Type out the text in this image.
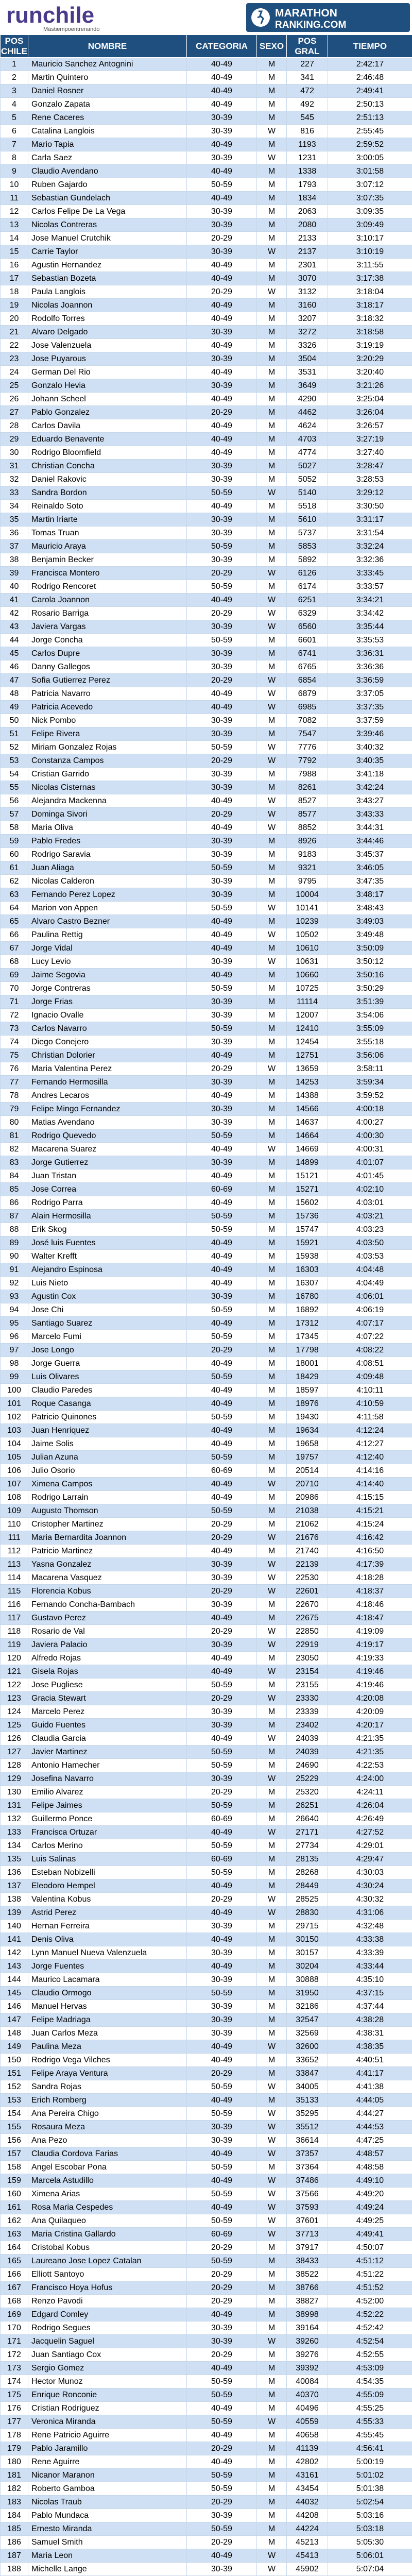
runchile
Mástiempoentrenando
MARATHON
RANKING.COM
POS CHILE	NOMBRE	CATEGORIA	SEXO	POS GRAL	TIEMPO
1	Mauricio Sanchez Antognini	40-49	M	227	2:42:17
2	Martin Quintero	40-49	M	341	2:46:48
3	Daniel Rosner	40-49	M	472	2:49:41
4	Gonzalo Zapata	40-49	M	492	2:50:13
5	Rene Caceres	30-39	M	545	2:51:13
6	Catalina Langlois	30-39	W	816	2:55:45
7	Mario Tapia	40-49	M	1193	2:59:52
8	Carla Saez	30-39	W	1231	3:00:05
9	Claudio Avendano	40-49	M	1338	3:01:58
10	Ruben Gajardo	50-59	M	1793	3:07:12
11	Sebastian Gundelach	40-49	M	1834	3:07:35
12	Carlos Felipe De La Vega	30-39	M	2063	3:09:35
13	Nicolas Contreras	30-39	M	2080	3:09:49
14	Jose Manuel Crutchik	20-29	M	2133	3:10:17
15	Carrie Taylor	30-39	W	2137	3:10:19
16	Agustin Hernandez	40-49	M	2301	3:11:55
17	Sebastian Bozeta	40-49	M	3070	3:17:38
18	Paula Langlois	20-29	W	3132	3:18:04
19	Nicolas Joannon	40-49	M	3160	3:18:17
20	Rodolfo Torres	40-49	M	3207	3:18:32
21	Alvaro Delgado	30-39	M	3272	3:18:58
22	Jose Valenzuela	40-49	M	3326	3:19:19
23	Jose Puyarous	30-39	M	3504	3:20:29
24	German Del Rio	40-49	M	3531	3:20:40
25	Gonzalo Hevia	30-39	M	3649	3:21:26
26	Johann Scheel	40-49	M	4290	3:25:04
27	Pablo Gonzalez	20-29	M	4462	3:26:04
28	Carlos Davila	40-49	M	4624	3:26:57
29	Eduardo Benavente	40-49	M	4703	3:27:19
30	Rodrigo Bloomfield	40-49	M	4774	3:27:40
31	Christian Concha	30-39	M	5027	3:28:47
32	Daniel Rakovic	30-39	M	5052	3:28:53
33	Sandra Bordon	50-59	W	5140	3:29:12
34	Reinaldo Soto	40-49	M	5518	3:30:50
35	Martin Iriarte	30-39	M	5610	3:31:17
36	Tomas Truan	30-39	M	5737	3:31:54
37	Mauricio Araya	50-59	M	5853	3:32:24
38	Benjamin Becker	30-39	M	5892	3:32:36
39	Francisca Montero	20-29	W	6126	3:33:45
40	Rodrigo Rencoret	50-59	M	6174	3:33:57
41	Carola Joannon	40-49	W	6251	3:34:21
42	Rosario Barriga	20-29	W	6329	3:34:42
43	Javiera Vargas	30-39	W	6560	3:35:44
44	Jorge Concha	50-59	M	6601	3:35:53
45	Carlos Dupre	30-39	M	6741	3:36:31
46	Danny Gallegos	30-39	M	6765	3:36:36
47	Sofia Gutierrez Perez	20-29	W	6854	3:36:59
48	Patricia Navarro	40-49	W	6879	3:37:05
49	Patricia Acevedo	40-49	W	6985	3:37:35
50	Nick Pombo	30-39	M	7082	3:37:59
51	Felipe Rivera	30-39	M	7547	3:39:46
52	Miriam Gonzalez Rojas	50-59	W	7776	3:40:32
53	Constanza Campos	20-29	W	7792	3:40:35
54	Cristian Garrido	30-39	M	7988	3:41:18
55	Nicolas Cisternas	30-39	M	8261	3:42:24
56	Alejandra Mackenna	40-49	W	8527	3:43:27
57	Dominga Sivori	20-29	W	8577	3:43:33
58	Maria Oliva	40-49	W	8852	3:44:31
59	Pablo Fredes	30-39	M	8926	3:44:46
60	Rodrigo Saravia	30-39	M	9183	3:45:37
61	Juan Aliaga	50-59	M	9321	3:46:05
62	Nicolas Calderon	30-39	M	9795	3:47:35
63	Fernando Perez Lopez	30-39	M	10004	3:48:17
64	Marion von Appen	50-59	W	10141	3:48:43
65	Alvaro Castro Bezner	40-49	M	10239	3:49:03
66	Paulina Rettig	40-49	W	10502	3:49:48
67	Jorge Vidal	40-49	M	10610	3:50:09
68	Lucy Levio	30-39	W	10631	3:50:12
69	Jaime Segovia	40-49	M	10660	3:50:16
70	Jorge Contreras	50-59	M	10725	3:50:29
71	Jorge Frias	30-39	M	11114	3:51:39
72	Ignacio Ovalle	30-39	M	12007	3:54:06
73	Carlos Navarro	50-59	M	12410	3:55:09
74	Diego Conejero	30-39	M	12454	3:55:18
75	Christian Dolorier	40-49	M	12751	3:56:06
76	Maria Valentina Perez	20-29	W	13659	3:58:11
77	Fernando Hermosilla	30-39	M	14253	3:59:34
78	Andres Lecaros	40-49	M	14388	3:59:52
79	Felipe Mingo Fernandez	30-39	M	14566	4:00:18
80	Matias Avendano	30-39	M	14637	4:00:27
81	Rodrigo Quevedo	50-59	M	14664	4:00:30
82	Macarena Suarez	40-49	W	14669	4:00:31
83	Jorge Gutierrez	30-39	M	14899	4:01:07
84	Juan Tristan	40-49	M	15121	4:01:45
85	Jose Correa	60-69	M	15271	4:02:10
86	Rodrigo Parra	40-49	M	15602	4:03:01
87	Alain Hermosilla	50-59	M	15736	4:03:21
88	Erik Skog	50-59	M	15747	4:03:23
89	José luis Fuentes	40-49	M	15921	4:03:50
90	Walter Krefft	40-49	M	15938	4:03:53
91	Alejandro Espinosa	40-49	M	16303	4:04:48
92	Luis Nieto	40-49	M	16307	4:04:49
93	Agustin Cox	30-39	M	16780	4:06:01
94	Jose Chi	50-59	M	16892	4:06:19
95	Santiago Suarez	40-49	M	17312	4:07:17
96	Marcelo Fumi	50-59	M	17345	4:07:22
97	Jose Longo	20-29	M	17798	4:08:22
98	Jorge Guerra	40-49	M	18001	4:08:51
99	Luis Olivares	50-59	M	18429	4:09:48
100	Claudio Paredes	40-49	M	18597	4:10:11
101	Roque Casanga	40-49	M	18976	4:10:59
102	Patricio Quinones	50-59	M	19430	4:11:58
103	Juan Henriquez	40-49	M	19634	4:12:24
104	Jaime Solis	40-49	M	19658	4:12:27
105	Julian Azuna	50-59	M	19757	4:12:40
106	Julio Osorio	60-69	M	20514	4:14:16
107	Ximena Campos	40-49	W	20710	4:14:40
108	Rodrigo Larrain	40-49	M	20986	4:15:15
109	Augusto Thomson	50-59	M	21038	4:15:21
110	Cristopher Martinez	20-29	M	21062	4:15:24
111	Maria Bernardita Joannon	20-29	W	21676	4:16:42
112	Patricio Martinez	40-49	M	21740	4:16:50
113	Yasna Gonzalez	30-39	W	22139	4:17:39
114	Macarena Vasquez	30-39	W	22530	4:18:28
115	Florencia Kobus	20-29	W	22601	4:18:37
116	Fernando Concha-Bambach	30-39	M	22670	4:18:46
117	Gustavo Perez	40-49	M	22675	4:18:47
118	Rosario de Val	20-29	W	22850	4:19:09
119	Javiera Palacio	30-39	W	22919	4:19:17
120	Alfredo Rojas	40-49	M	23050	4:19:33
121	Gisela Rojas	40-49	W	23154	4:19:46
122	Jose Pugliese	50-59	M	23155	4:19:46
123	Gracia Stewart	20-29	W	23330	4:20:08
124	Marcelo Perez	30-39	M	23339	4:20:09
125	Guido Fuentes	30-39	M	23402	4:20:17
126	Claudia Garcia	40-49	W	24039	4:21:35
127	Javier Martinez	50-59	M	24039	4:21:35
128	Antonio Hamecher	50-59	M	24690	4:22:53
129	Josefina Navarro	30-39	W	25229	4:24:00
130	Emilio Alvarez	20-29	M	25320	4:24:11
131	Felipe Jaimes	50-59	M	26251	4:26:04
132	Guillermo Ponce	60-69	M	26640	4:26:49
133	Francisca Ortuzar	40-49	W	27171	4:27:52
134	Carlos Merino	50-59	M	27734	4:29:01
135	Luis Salinas	60-69	M	28135	4:29:47
136	Esteban Nobizelli	50-59	M	28268	4:30:03
137	Eleodoro Hempel	40-49	M	28449	4:30:24
138	Valentina Kobus	20-29	W	28525	4:30:32
139	Astrid Perez	40-49	W	28830	4:31:06
140	Hernan Ferreira	30-39	M	29715	4:32:48
141	Denis Oliva	40-49	M	30150	4:33:38
142	Lynn Manuel Nueva Valenzuela	30-39	M	30157	4:33:39
143	Jorge Fuentes	40-49	M	30204	4:33:44
144	Maurico Lacamara	30-39	M	30888	4:35:10
145	Claudio Ormogo	50-59	M	31950	4:37:15
146	Manuel Hervas	30-39	M	32186	4:37:44
147	Felipe Madriaga	30-39	M	32547	4:38:28
148	Juan Carlos Meza	30-39	M	32569	4:38:31
149	Paulina Meza	40-49	W	32600	4:38:35
150	Rodrigo Vega Vilches	40-49	M	33652	4:40:51
151	Felipe Araya Ventura	20-29	M	33847	4:41:17
152	Sandra Rojas	50-59	W	34005	4:41:38
153	Erich Romberg	40-49	M	35133	4:44:05
154	Ana Pereira Chigo	50-59	W	35295	4:44:27
155	Rosaura Meza	30-39	W	35512	4:44:53
156	Ana Pezo	30-39	W	36614	4:47:25
157	Claudia Cordova Farias	40-49	W	37357	4:48:57
158	Angel Escobar Pona	50-59	M	37364	4:48:58
159	Marcela Astudillo	40-49	W	37486	4:49:10
160	Ximena Arias	50-59	W	37566	4:49:20
161	Rosa Maria Cespedes	40-49	W	37593	4:49:24
162	Ana Quilaqueo	50-59	W	37601	4:49:25
163	Maria Cristina Gallardo	60-69	W	37713	4:49:41
164	Cristobal Kobus	20-29	M	37917	4:50:07
165	Laureano Jose Lopez Catalan	50-59	M	38433	4:51:12
166	Elliott Santoyo	20-29	M	38522	4:51:22
167	Francisco Hoya Hofus	20-29	M	38766	4:51:52
168	Renzo Pavodi	20-29	M	38827	4:52:00
169	Edgard Comley	40-49	M	38998	4:52:22
170	Rodrigo Segues	30-39	M	39164	4:52:42
171	Jacquelin Saguel	30-39	W	39260	4:52:54
172	Juan Santiago Cox	20-29	M	39276	4:52:55
173	Sergio Gomez	40-49	M	39392	4:53:09
174	Hector Munoz	50-59	M	40084	4:54:35
175	Enrique Ronconie	50-59	M	40370	4:55:09
176	Cristian Rodriguez	40-49	M	40496	4:55:25
177	Veronica Miranda	50-59	W	40559	4:55:33
178	Rene Patricio Aguirre	40-49	M	40658	4:55:45
179	Pablo Jaramillo	20-29	M	41139	4:56:41
180	Rene Aguirre	40-49	M	42802	5:00:19
181	Nicanor Maranon	50-59	M	43161	5:01:02
182	Roberto Gamboa	50-59	M	43454	5:01:38
183	Nicolas Traub	20-29	M	44032	5:02:54
184	Pablo Mundaca	30-39	M	44208	5:03:16
185	Ernesto Miranda	50-59	M	44224	5:03:18
186	Samuel Smith	20-29	M	45213	5:05:30
187	Maria Leon	40-49	W	45413	5:06:01
188	Michelle Lange	30-39	W	45902	5:07:04
